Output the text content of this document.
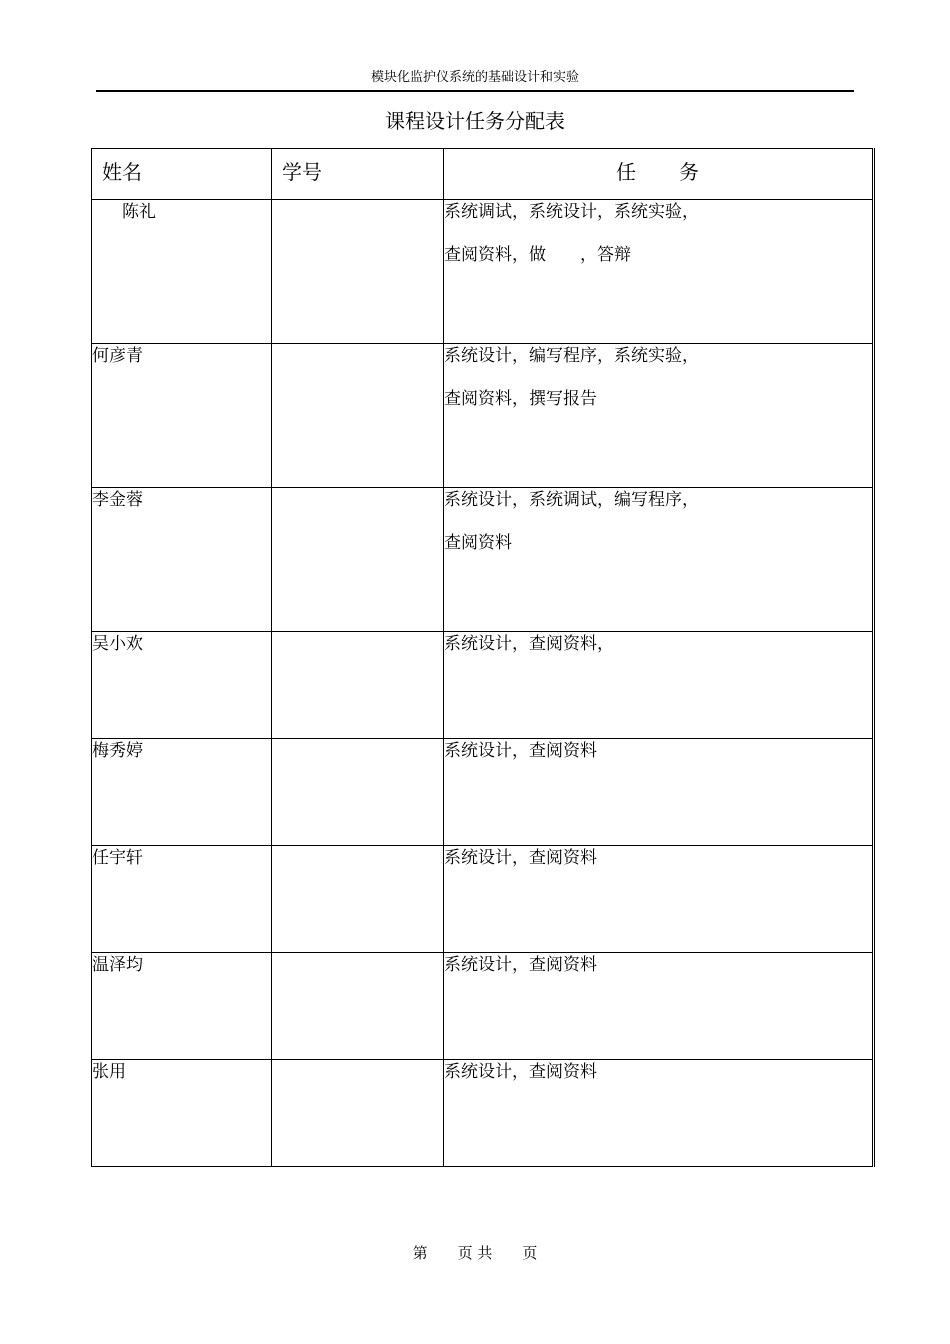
模块化监护仪系统的基础设计和实验
课程设计任务分配表
姓名	学号	任 务
陈礼		系统调试，系统设计，系统实验，
查阅资料，做　　，答辩

何彦青		系统设计，编写程序，系统实验，
查阅资料，撰写报告

李金蓉		系统设计，系统调试，编写程序，
查阅资料

吴小欢		系统设计，查阅资料，

梅秀婷		系统设计，查阅资料

任宇轩		系统设计，查阅资料

温泽均		系统设计，查阅资料

张用		系统设计，查阅资料
第　　页 共　　页
